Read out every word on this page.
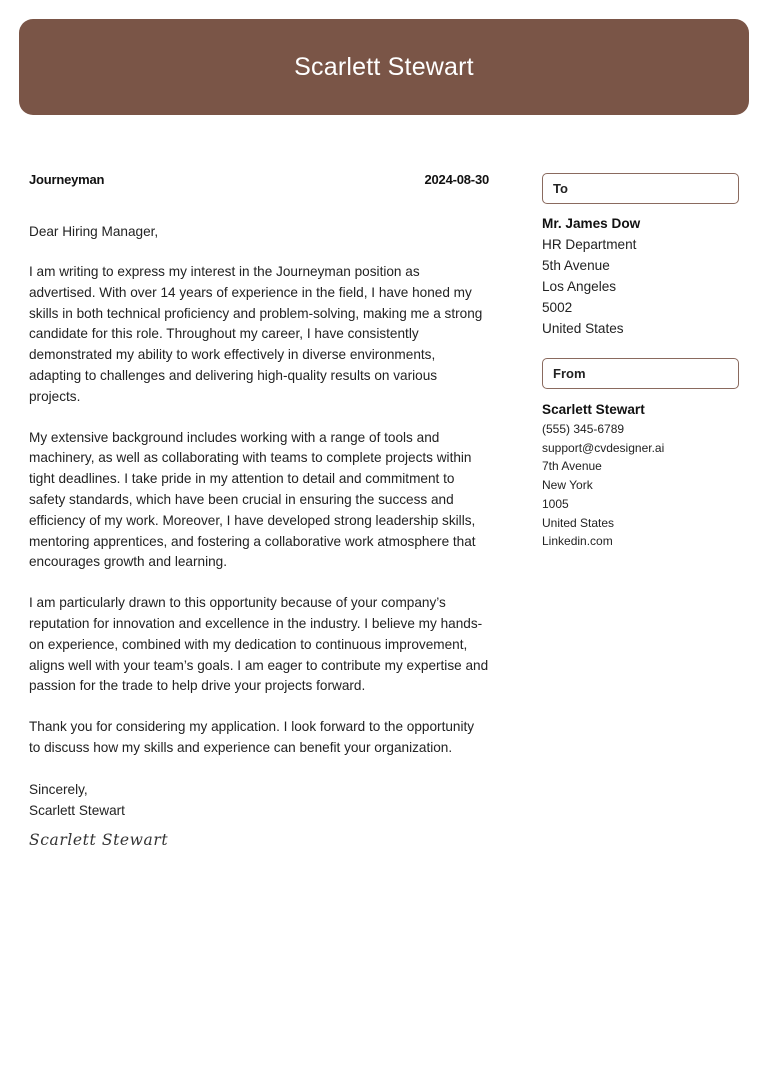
Scarlett Stewart
Journeyman	2024-08-30
Dear Hiring Manager,
I am writing to express my interest in the Journeyman position as advertised. With over 14 years of experience in the field, I have honed my skills in both technical proficiency and problem-solving, making me a strong candidate for this role. Throughout my career, I have consistently demonstrated my ability to work effectively in diverse environments, adapting to challenges and delivering high-quality results on various projects.
My extensive background includes working with a range of tools and machinery, as well as collaborating with teams to complete projects within tight deadlines. I take pride in my attention to detail and commitment to safety standards, which have been crucial in ensuring the success and efficiency of my work. Moreover, I have developed strong leadership skills, mentoring apprentices, and fostering a collaborative work atmosphere that encourages growth and learning.
I am particularly drawn to this opportunity because of your company’s reputation for innovation and excellence in the industry. I believe my hands-on experience, combined with my dedication to continuous improvement, aligns well with your team’s goals. I am eager to contribute my expertise and passion for the trade to help drive your projects forward.
Thank you for considering my application. I look forward to the opportunity to discuss how my skills and experience can benefit your organization.
Sincerely,
Scarlett Stewart
Scarlett Stewart
To
Mr. James Dow
HR Department
5th Avenue
Los Angeles
5002
United States
From
Scarlett Stewart
(555) 345-6789
support@cvdesigner.ai
7th Avenue
New York
1005
United States
Linkedin.com
